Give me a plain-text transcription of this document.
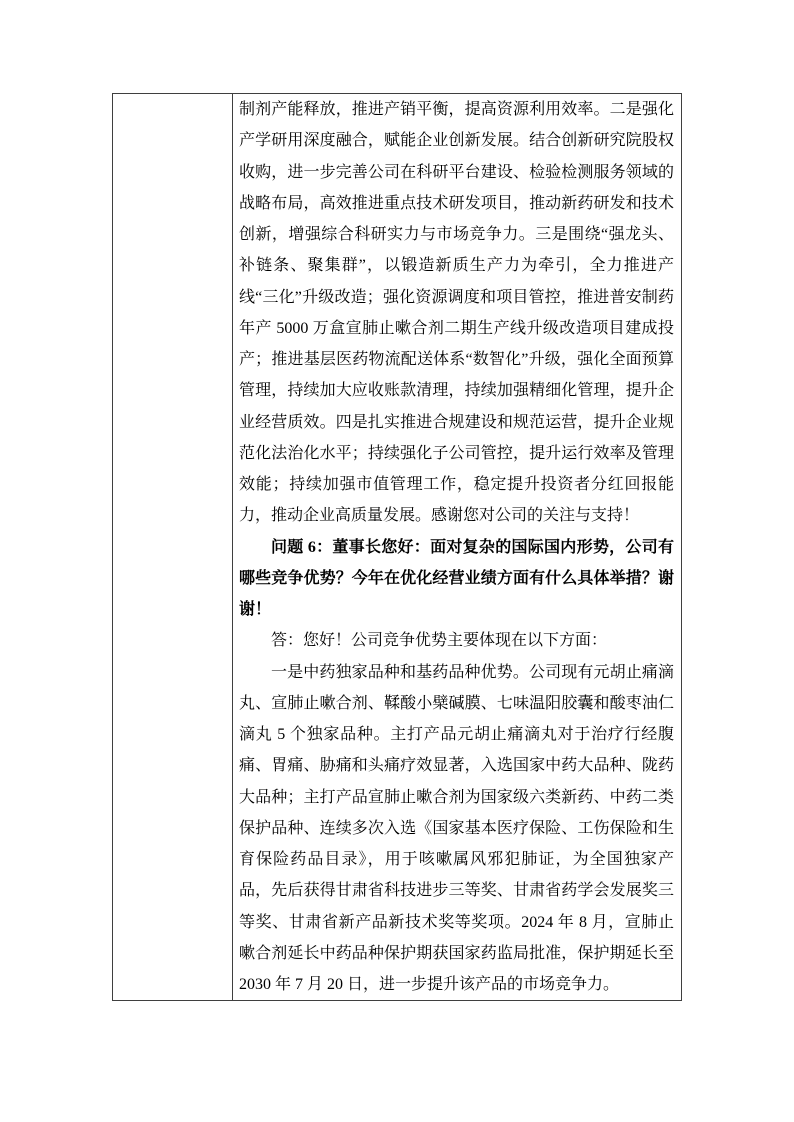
制剂产能释放，推进产销平衡，提高资源利用效率。二是强化产学研用深度融合，赋能企业创新发展。结合创新研究院股权收购，进一步完善公司在科研平台建设、检验检测服务领域的战略布局，高效推进重点技术研发项目，推动新药研发和技术创新，增强综合科研实力与市场竞争力。三是围绕“强龙头、补链条、聚集群”，以锻造新质生产力为牵引，全力推进产线“三化”升级改造；强化资源调度和项目管控，推进普安制药年产 5000 万盒宣肺止嗽合剂二期生产线升级改造项目建成投产；推进基层医药物流配送体系“数智化”升级，强化全面预算管理，持续加大应收账款清理，持续加强精细化管理，提升企业经营质效。四是扎实推进合规建设和规范运营，提升企业规范化法治化水平；持续强化子公司管控，提升运行效率及管理效能；持续加强市值管理工作，稳定提升投资者分红回报能力，推动企业高质量发展。感谢您对公司的关注与支持！

问题 6：董事长您好：面对复杂的国际国内形势，公司有哪些竞争优势？今年在优化经营业绩方面有什么具体举措？谢谢！

答：您好！公司竞争优势主要体现在以下方面：

一是中药独家品种和基药品种优势。公司现有元胡止痛滴丸、宣肺止嗽合剂、鞣酸小檗碱膜、七味温阳胶囊和酸枣油仁滴丸 5 个独家品种。主打产品元胡止痛滴丸对于治疗行经腹痛、胃痛、胁痛和头痛疗效显著，入选国家中药大品种、陇药大品种；主打产品宣肺止嗽合剂为国家级六类新药、中药二类保护品种、连续多次入选《国家基本医疗保险、工伤保险和生育保险药品目录》，用于咳嗽属风邪犯肺证，为全国独家产品，先后获得甘肃省科技进步三等奖、甘肃省药学会发展奖三等奖、甘肃省新产品新技术奖等奖项。2024 年 8 月，宣肺止嗽合剂延长中药品种保护期获国家药监局批准，保护期延长至 2030 年 7 月 20 日，进一步提升该产品的市场竞争力。
